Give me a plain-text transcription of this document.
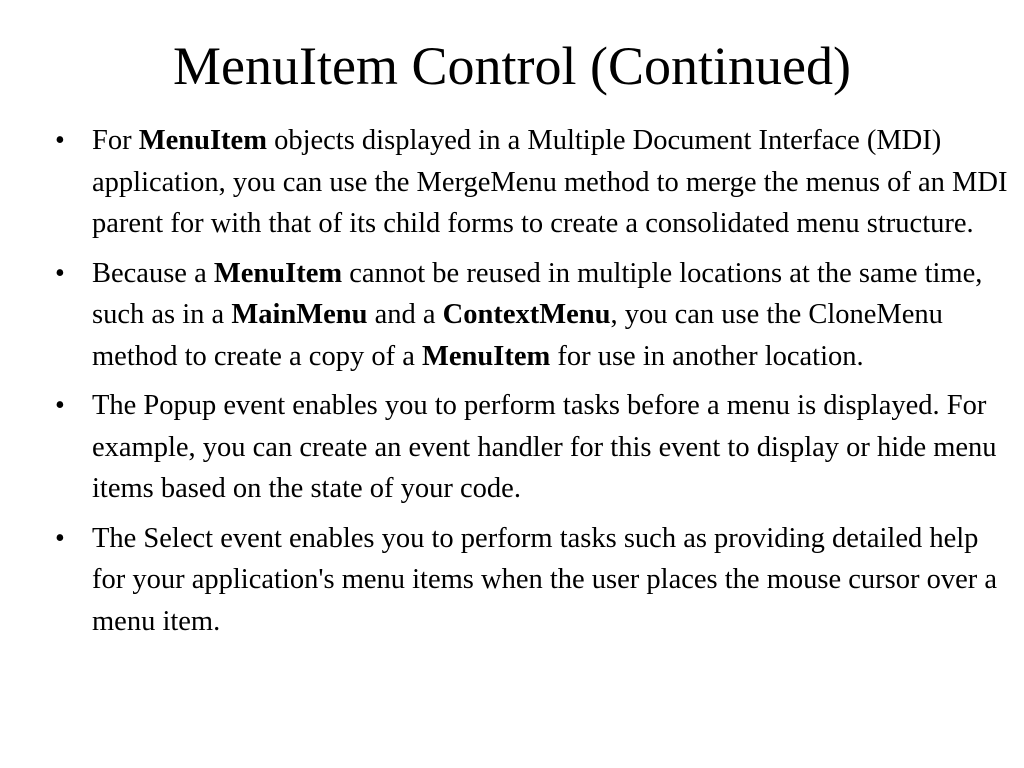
MenuItem Control (Continued)
• For MenuItem objects displayed in a Multiple Document Interface (MDI) application, you can use the MergeMenu method to merge the menus of an MDI parent for with that of its child forms to create a consolidated menu structure.
• Because a MenuItem cannot be reused in multiple locations at the same time, such as in a MainMenu and a ContextMenu, you can use the CloneMenu method to create a copy of a MenuItem for use in another location.
• The Popup event enables you to perform tasks before a menu is displayed. For example, you can create an event handler for this event to display or hide menu items based on the state of your code.
• The Select event enables you to perform tasks such as providing detailed help for your application's menu items when the user places the mouse cursor over a menu item.
